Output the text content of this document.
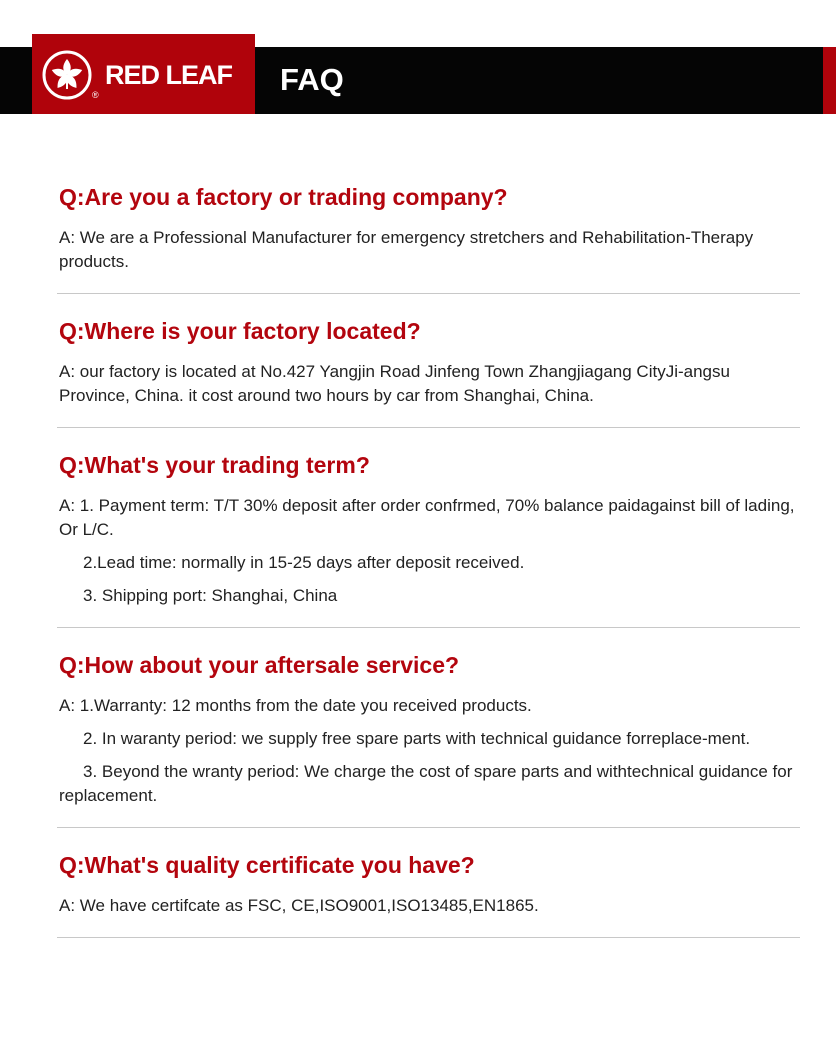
®
RED LEAF FAQ
Q:Are you a factory or trading company?
A: We are a Professional Manufacturer for emergency stretchers and Rehabilitation-Therapy products.
Q:Where is your factory located?
A: our factory is located at No.427 Yangjin Road Jinfeng Town Zhangjiagang CityJi-angsu Province, China. it cost around two hours by car from Shanghai, China.
Q:What's your trading term?
A: 1. Payment term: T/T 30% deposit after order confrmed, 70% balance paidagainst bill of lading, Or L/C.
2.Lead time: normally in 15-25 days after deposit received.
3. Shipping port: Shanghai, China
Q:How about your aftersale service?
A: 1.Warranty: 12 months from the date you received products.
2. In waranty period: we supply free spare parts with technical guidance forreplace-ment.
3. Beyond the wranty period: We charge the cost of spare parts and withtechnical guidance for replacement.
Q:What's quality certificate you have?
A: We have certifcate as FSC, CE,ISO9001,ISO13485,EN1865.
